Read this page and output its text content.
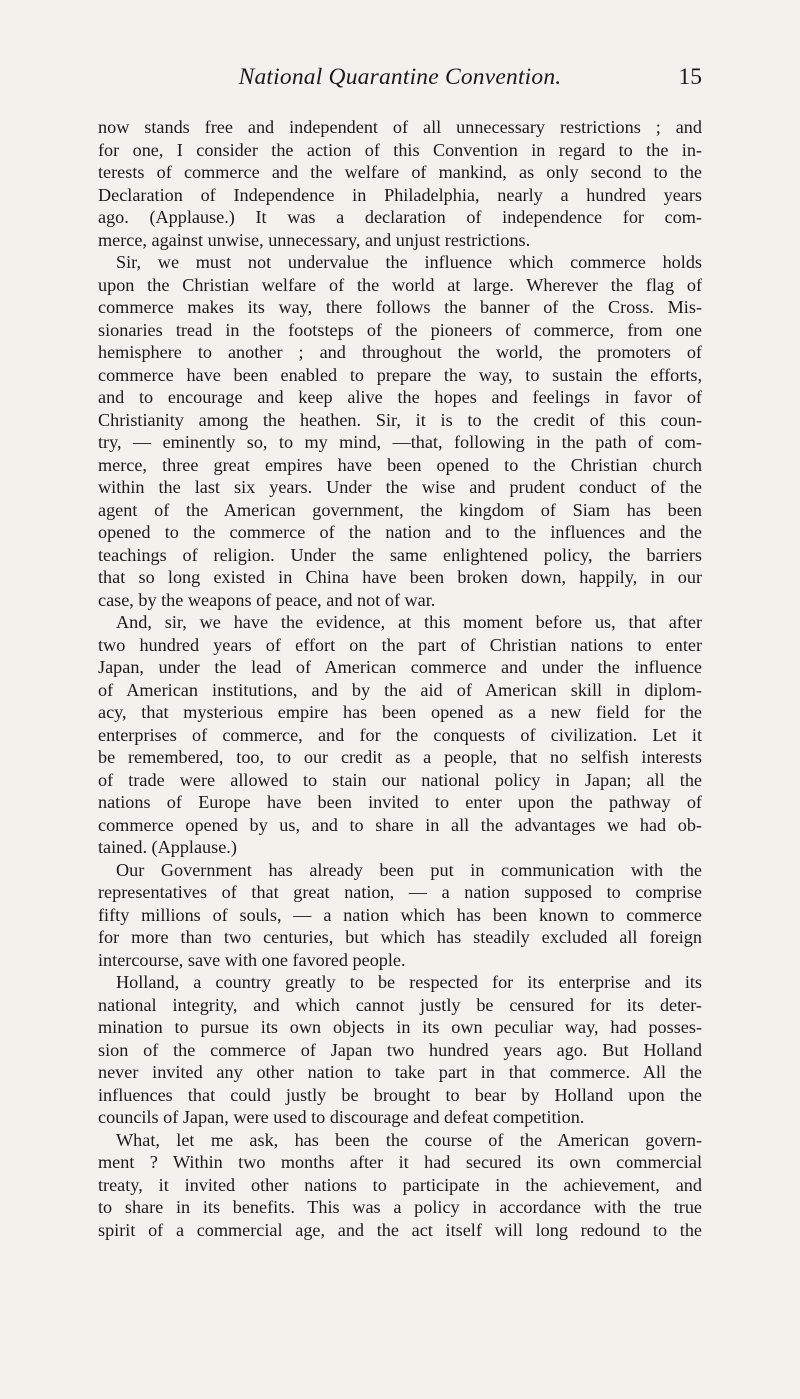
National Quarantine Convention.	15
now stands free and independent of all unnecessary restrictions ; and
for one, I consider the action of this Convention in regard to the in-
terests of commerce and the welfare of mankind, as only second to the
Declaration of Independence in Philadelphia, nearly a hundred years
ago. (Applause.) It was a declaration of independence for com-
merce, against unwise, unnecessary, and unjust restrictions.
Sir, we must not undervalue the influence which commerce holds
upon the Christian welfare of the world at large. Wherever the flag of
commerce makes its way, there follows the banner of the Cross. Mis-
sionaries tread in the footsteps of the pioneers of commerce, from one
hemisphere to another ; and throughout the world, the promoters of
commerce have been enabled to prepare the way, to sustain the efforts,
and to encourage and keep alive the hopes and feelings in favor of
Christianity among the heathen. Sir, it is to the credit of this coun-
try, — eminently so, to my mind, —that, following in the path of com-
merce, three great empires have been opened to the Christian church
within the last six years. Under the wise and prudent conduct of the
agent of the American government, the kingdom of Siam has been
opened to the commerce of the nation and to the influences and the
teachings of religion. Under the same enlightened policy, the barriers
that so long existed in China have been broken down, happily, in our
case, by the weapons of peace, and not of war.
And, sir, we have the evidence, at this moment before us, that after
two hundred years of effort on the part of Christian nations to enter
Japan, under the lead of American commerce and under the influence
of American institutions, and by the aid of American skill in diplom-
acy, that mysterious empire has been opened as a new field for the
enterprises of commerce, and for the conquests of civilization. Let it
be remembered, too, to our credit as a people, that no selfish interests
of trade were allowed to stain our national policy in Japan; all the
nations of Europe have been invited to enter upon the pathway of
commerce opened by us, and to share in all the advantages we had ob-
tained. (Applause.)
Our Government has already been put in communication with the
representatives of that great nation, — a nation supposed to comprise
fifty millions of souls, — a nation which has been known to commerce
for more than two centuries, but which has steadily excluded all foreign
intercourse, save with one favored people.
Holland, a country greatly to be respected for its enterprise and its
national integrity, and which cannot justly be censured for its deter-
mination to pursue its own objects in its own peculiar way, had posses-
sion of the commerce of Japan two hundred years ago. But Holland
never invited any other nation to take part in that commerce. All the
influences that could justly be brought to bear by Holland upon the
councils of Japan, were used to discourage and defeat competition.
What, let me ask, has been the course of the American govern-
ment ? Within two months after it had secured its own commercial
treaty, it invited other nations to participate in the achievement, and
to share in its benefits. This was a policy in accordance with the true
spirit of a commercial age, and the act itself will long redound to the
